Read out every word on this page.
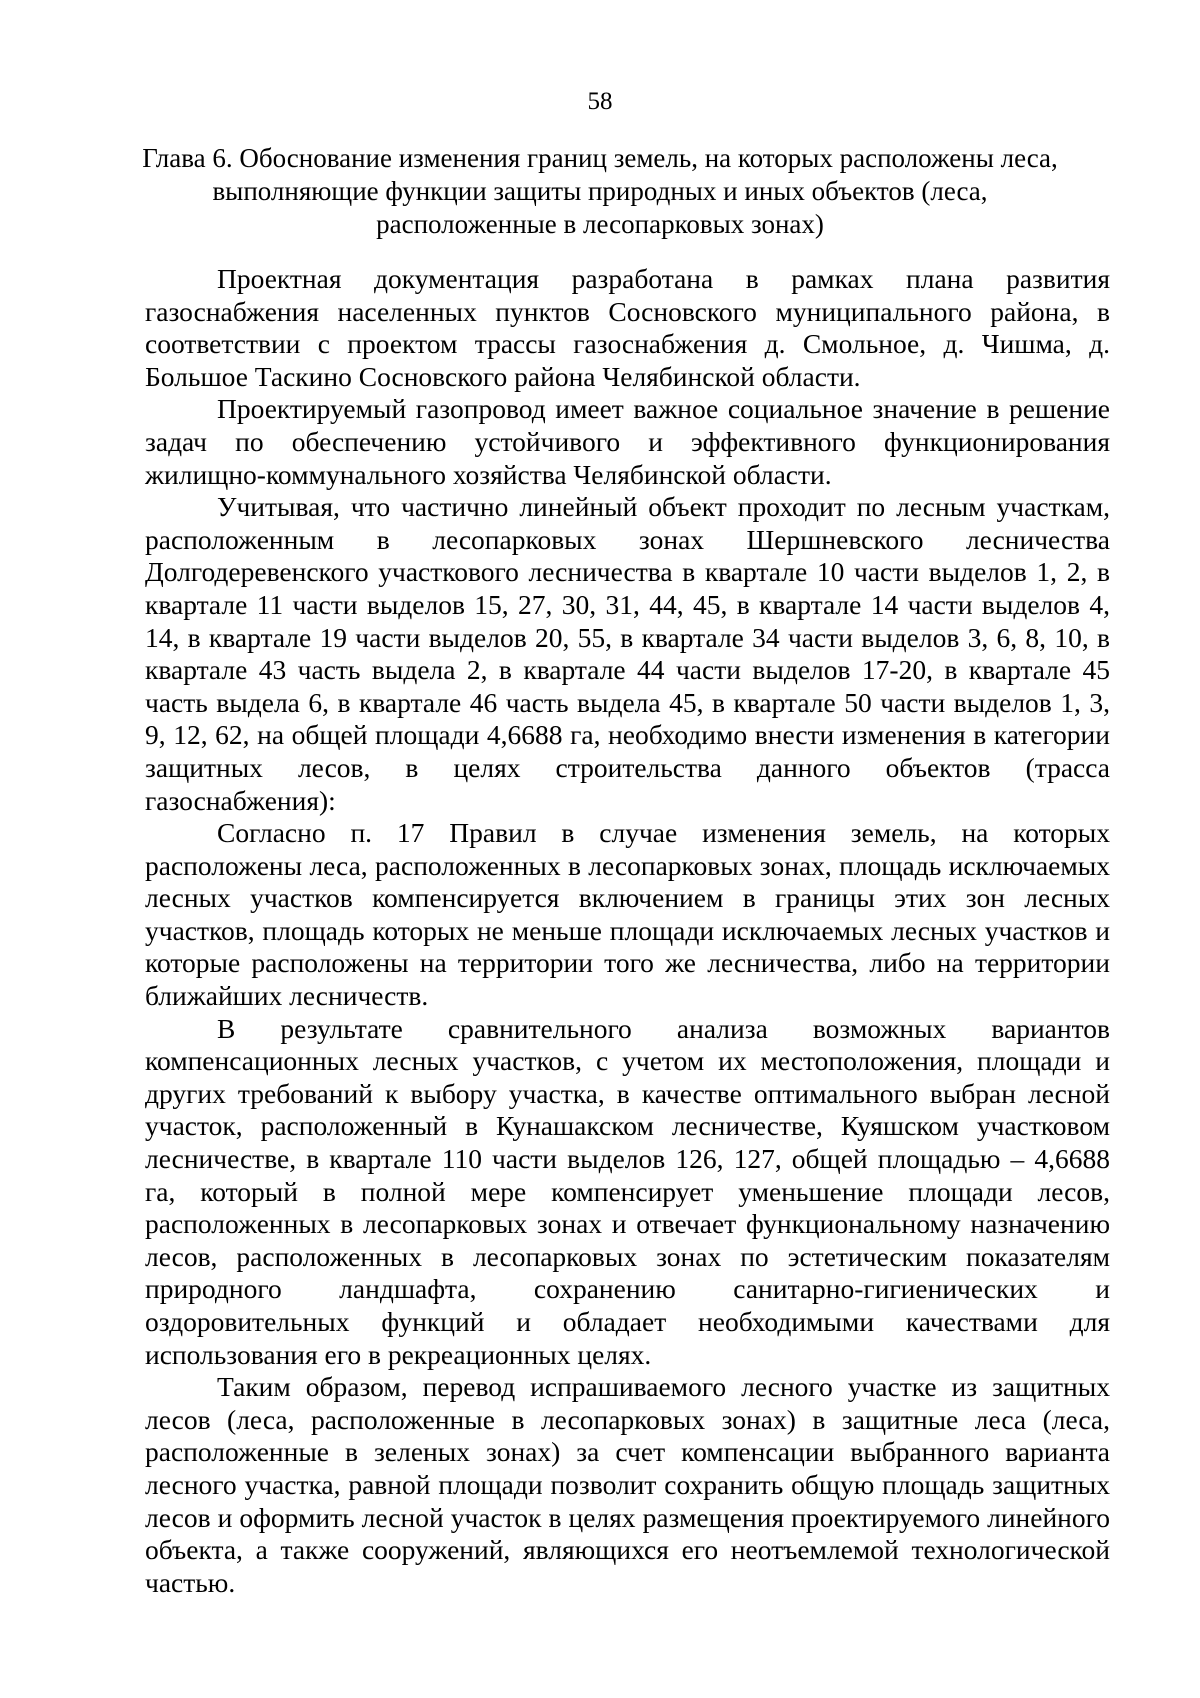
58
Глава 6. Обоснование изменения границ земель, на которых расположены леса, выполняющие функции защиты природных и иных объектов (леса, расположенные в лесопарковых зонах)

Проектная документация разработана в рамках плана развития газоснабжения населенных пунктов Сосновского муниципального района, в соответствии с проектом трассы газоснабжения д. Смольное, д. Чишма, д. Большое Таскино Сосновского района Челябинской области.

Проектируемый газопровод имеет важное социальное значение в решение задач по обеспечению устойчивого и эффективного функционирования жилищно-коммунального хозяйства Челябинской области.

Учитывая, что частично линейный объект проходит по лесным участкам, расположенным в лесопарковых зонах Шершневского лесничества Долгодеревенского участкового лесничества в квартале 10 части выделов 1, 2, в квартале 11 части выделов 15, 27, 30, 31, 44, 45, в квартале 14 части выделов 4, 14, в квартале 19 части выделов 20, 55, в квартале 34 части выделов 3, 6, 8, 10, в квартале 43 часть выдела 2, в квартале 44 части выделов 17-20, в квартале 45 часть выдела 6, в квартале 46 часть выдела 45, в квартале 50 части выделов 1, 3, 9, 12, 62, на общей площади 4,6688 га, необходимо внести изменения в категории защитных лесов, в целях строительства данного объектов (трасса газоснабжения):

Согласно п. 17 Правил в случае изменения земель, на которых расположены леса, расположенных в лесопарковых зонах, площадь исключаемых лесных участков компенсируется включением в границы этих зон лесных участков, площадь которых не меньше площади исключаемых лесных участков и которые расположены на территории того же лесничества, либо на территории ближайших лесничеств.

В результате сравнительного анализа возможных вариантов компенсационных лесных участков, с учетом их местоположения, площади и других требований к выбору участка, в качестве оптимального выбран лесной участок, расположенный в Кунашакском лесничестве, Куяшском участковом лесничестве, в квартале 110 части выделов 126, 127, общей площадью – 4,6688 га, который в полной мере компенсирует уменьшение площади лесов, расположенных в лесопарковых зонах и отвечает функциональному назначению лесов, расположенных в лесопарковых зонах по эстетическим показателям природного ландшафта, сохранению санитарно-гигиенических и оздоровительных функций и обладает необходимыми качествами для использования его в рекреационных целях.

Таким образом, перевод испрашиваемого лесного участке из защитных лесов (леса, расположенные в лесопарковых зонах) в защитные леса (леса, расположенные в зеленых зонах) за счет компенсации выбранного варианта лесного участка, равной площади позволит сохранить общую площадь защитных лесов и оформить лесной участок в целях размещения проектируемого линейного объекта, а также сооружений, являющихся его неотъемлемой технологической частью.
